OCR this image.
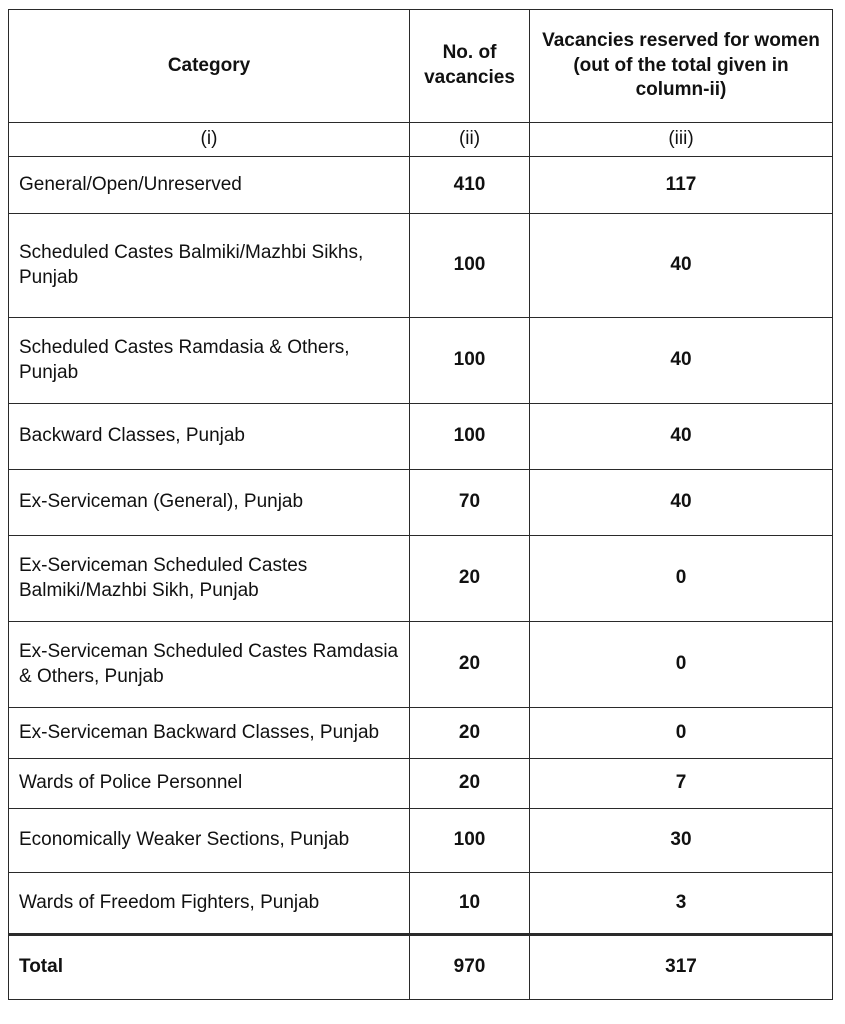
Category	No. of vacancies	Vacancies reserved for women (out of the total given in column-ii)
(i)	(ii)	(iii)
General/Open/Unreserved	410	117
Scheduled Castes Balmiki/Mazhbi Sikhs, Punjab	100	40
Scheduled Castes Ramdasia & Others, Punjab	100	40
Backward Classes, Punjab	100	40
Ex-Serviceman (General), Punjab	70	40
Ex-Serviceman Scheduled Castes Balmiki/Mazhbi Sikh, Punjab	20	0
Ex-Serviceman Scheduled Castes Ramdasia & Others, Punjab	20	0
Ex-Serviceman Backward Classes, Punjab	20	0
Wards of Police Personnel	20	7
Economically Weaker Sections, Punjab	100	30
Wards of Freedom Fighters, Punjab	10	3
Total	970	317
